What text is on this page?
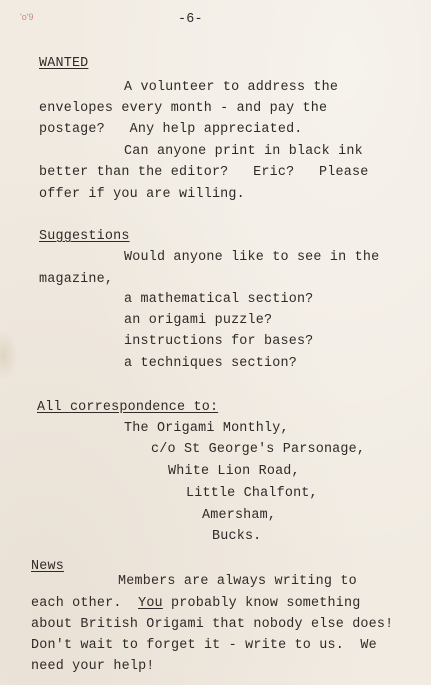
'o'9	-6-
WANTED
A volunteer to address the
envelopes every month - and pay the
postage?   Any help appreciated.
Can anyone print in black ink
better than the editor?   Eric?   Please
offer if you are willing.
Suggestions
Would anyone like to see in the
magazine,
a mathematical section?
an origami puzzle?
instructions for bases?
a techniques section?
All correspondence to:
The Origami Monthly,
c/o St George's Parsonage,
White Lion Road,
Little Chalfont,
Amersham,
Bucks.
News
Members are always writing to
each other.  You probably know something
about British Origami that nobody else does!
Don't wait to forget it - write to us.  We
need your help!
